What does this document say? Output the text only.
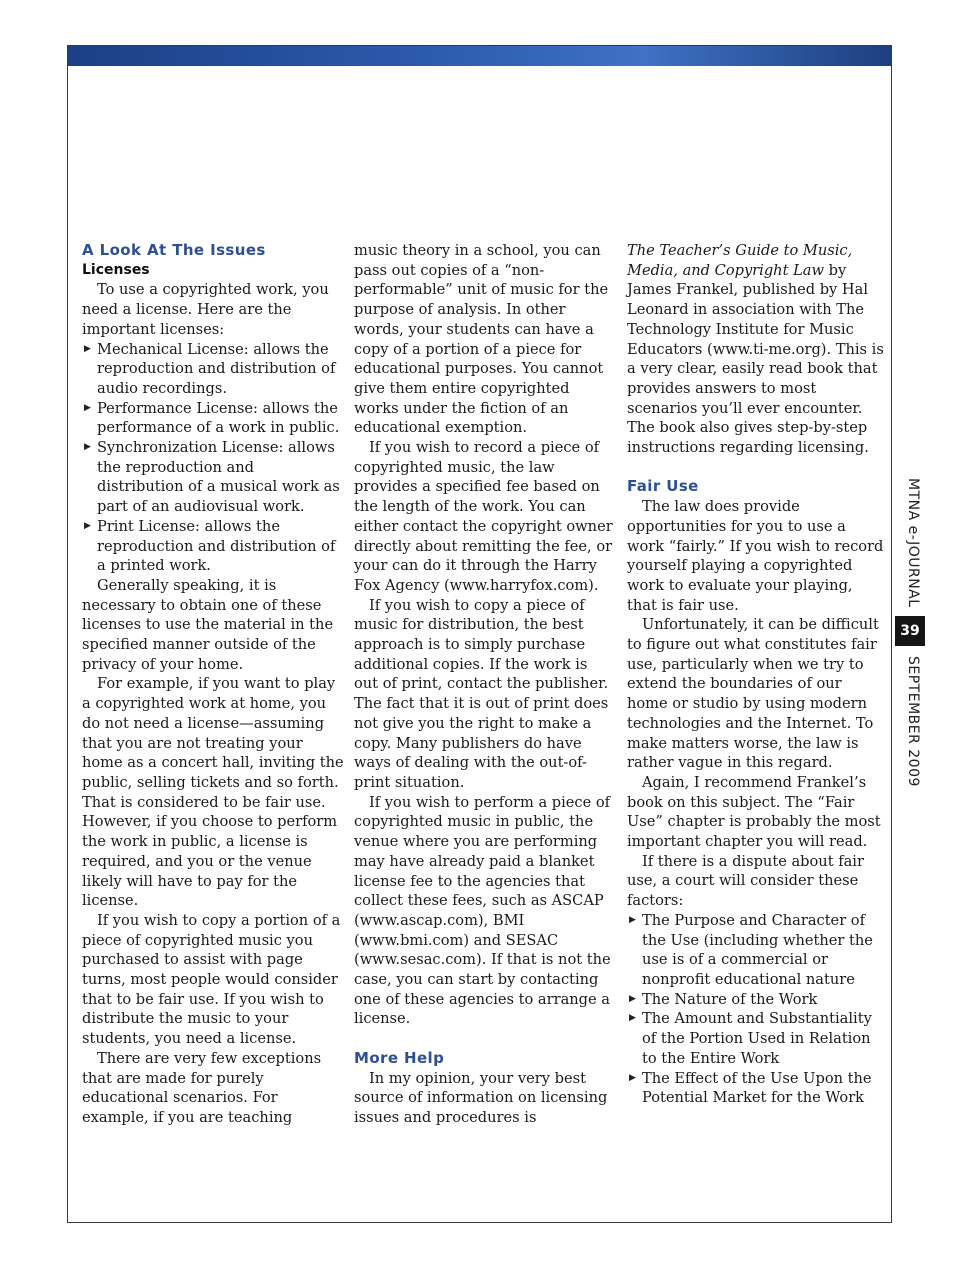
A Look At The Issues
Licenses

To use a copyrighted work, you need a license. Here are the important licenses:

▶ Mechanical License: allows the reproduction and distribution of audio recordings.
▶ Performance License: allows the performance of a work in public.
▶ Synchronization License: allows the reproduction and distribution of a musical work as part of an audiovisual work.
▶ Print License: allows the reproduction and distribution of a printed work.

Generally speaking, it is necessary to obtain one of these licenses to use the material in the specified manner outside of the privacy of your home.

For example, if you want to play a copyrighted work at home, you do not need a license—assuming that you are not treating your home as a concert hall, inviting the public, selling tickets and so forth. That is considered to be fair use. However, if you choose to perform the work in public, a license is required, and you or the venue likely will have to pay for the license.

If you wish to copy a portion of a piece of copyrighted music you purchased to assist with page turns, most people would consider that to be fair use. If you wish to distribute the music to your students, you need a license.

There are very few exceptions that are made for purely educational scenarios. For example, if you are teaching

music theory in a school, you can pass out copies of a “non-performable” unit of music for the purpose of analysis. In other words, your students can have a copy of a portion of a piece for educational purposes. You cannot give them entire copyrighted works under the fiction of an educational exemption.

If you wish to record a piece of copyrighted music, the law provides a specified fee based on the length of the work. You can either contact the copyright owner directly about remitting the fee, or your can do it through the Harry Fox Agency (www.harryfox.com).

If you wish to copy a piece of music for distribution, the best approach is to simply purchase additional copies. If the work is out of print, contact the publisher. The fact that it is out of print does not give you the right to make a copy. Many publishers do have ways of dealing with the out-of-print situation.

If you wish to perform a piece of copyrighted music in public, the venue where you are performing may have already paid a blanket license fee to the agencies that collect these fees, such as ASCAP (www.ascap.com), BMI (www.bmi.com) and SESAC (www.sesac.com). If that is not the case, you can start by contacting one of these agencies to arrange a license.

More Help

In my opinion, your very best source of information on licensing issues and procedures is

The Teacher’s Guide to Music, Media, and Copyright Law by James Frankel, published by Hal Leonard in association with The Technology Institute for Music Educators (www.ti-me.org). This is a very clear, easily read book that provides answers to most scenarios you’ll ever encounter. The book also gives step-by-step instructions regarding licensing.

Fair Use

The law does provide opportunities for you to use a work “fairly.” If you wish to record yourself playing a copyrighted work to evaluate your playing, that is fair use.

Unfortunately, it can be difficult to figure out what constitutes fair use, particularly when we try to extend the boundaries of our home or studio by using modern technologies and the Internet. To make matters worse, the law is rather vague in this regard.

Again, I recommend Frankel’s book on this subject. The “Fair Use” chapter is probably the most important chapter you will read.

If there is a dispute about fair use, a court will consider these factors:

▶ The Purpose and Character of the Use (including whether the use is of a commercial or nonprofit educational nature
▶ The Nature of the Work
▶ The Amount and Substantiality of the Portion Used in Relation to the Entire Work
▶ The Effect of the Use Upon the Potential Market for the Work
MTNA e-JOURNAL
39
SEPTEMBER 2009
